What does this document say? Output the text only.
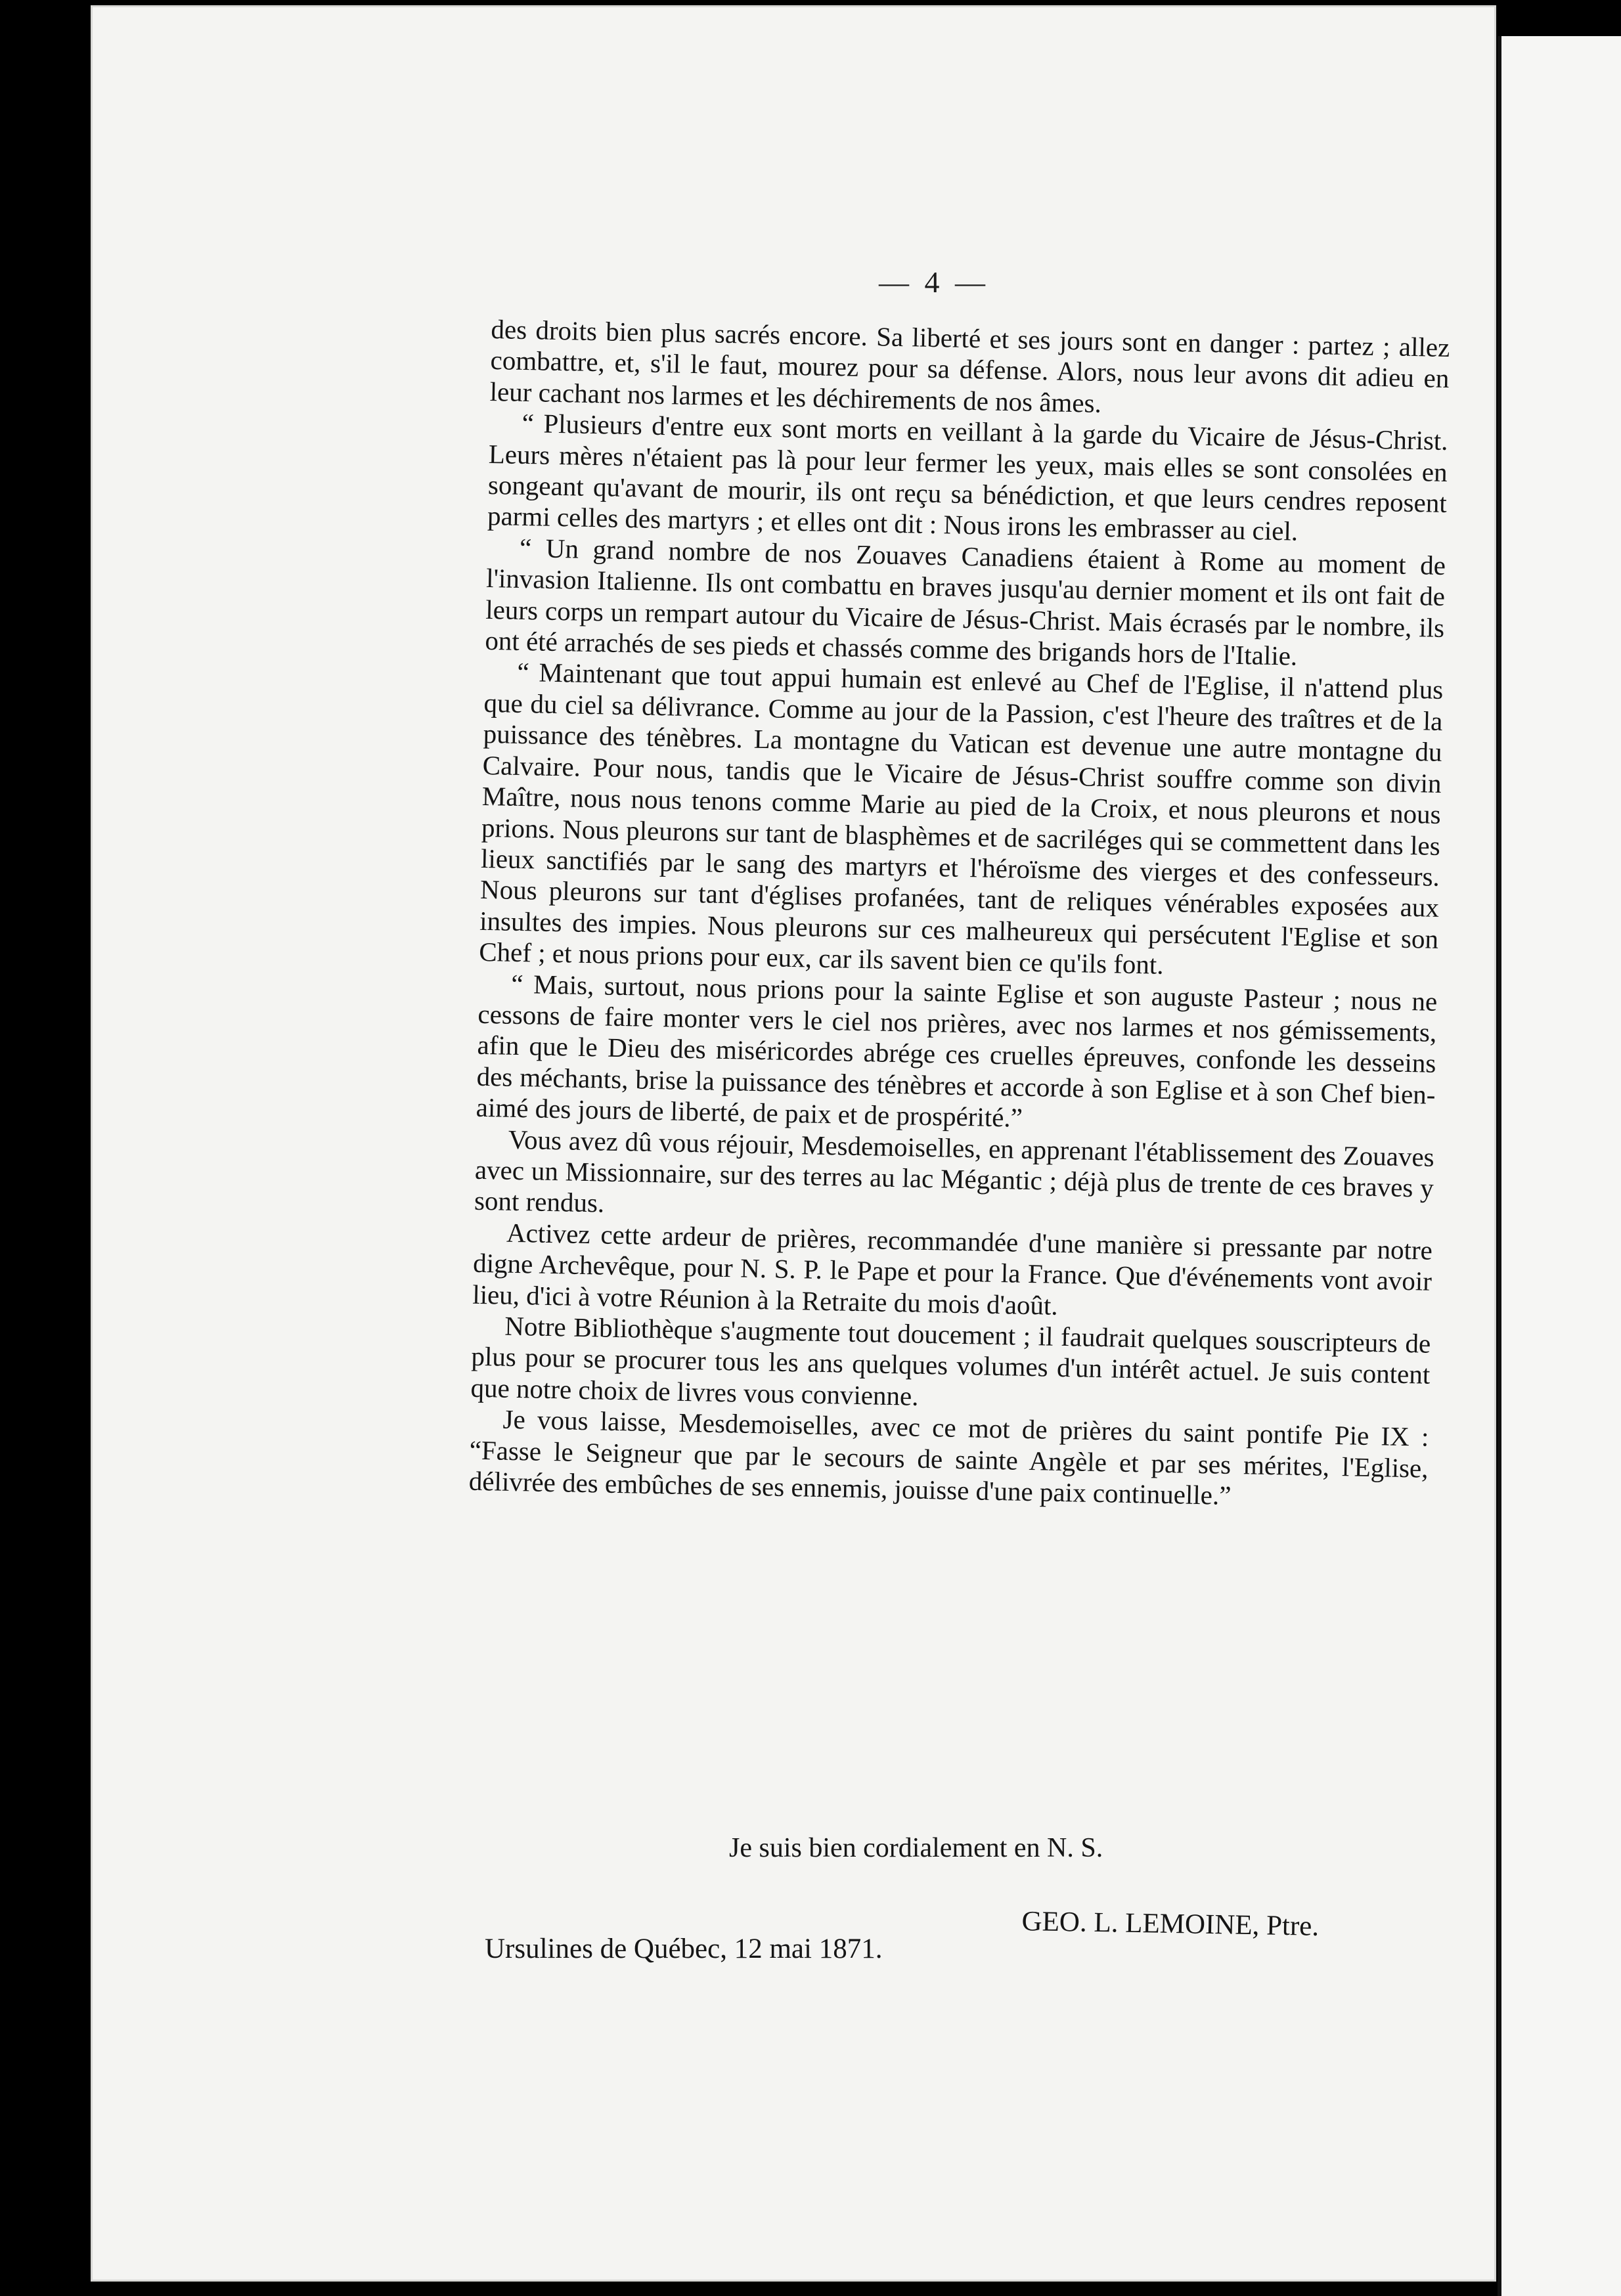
— 4 —

des droits bien plus sacrés encore. Sa liberté et ses jours sont en danger : partez ; allez combattre, et, s'il le faut, mourez pour sa défense. Alors, nous leur avons dit adieu en leur cachant nos larmes et les déchirements de nos âmes.

“ Plusieurs d'entre eux sont morts en veillant à la garde du Vicaire de Jésus-Christ. Leurs mères n'étaient pas là pour leur fermer les yeux, mais elles se sont consolées en songeant qu'avant de mourir, ils ont reçu sa bénédiction, et que leurs cendres reposent parmi celles des martyrs ; et elles ont dit : Nous irons les embrasser au ciel.

“ Un grand nombre de nos Zouaves Canadiens étaient à Rome au moment de l'invasion Italienne. Ils ont combattu en braves jusqu'au dernier moment et ils ont fait de leurs corps un rempart autour du Vicaire de Jésus-Christ. Mais écrasés par le nombre, ils ont été arrachés de ses pieds et chassés comme des brigands hors de l'Italie.

“ Maintenant que tout appui humain est enlevé au Chef de l'Eglise, il n'attend plus que du ciel sa délivrance. Comme au jour de la Passion, c'est l'heure des traîtres et de la puissance des ténèbres. La montagne du Vatican est devenue une autre montagne du Calvaire. Pour nous, tandis que le Vicaire de Jésus-Christ souffre comme son divin Maître, nous nous tenons comme Marie au pied de la Croix, et nous pleurons et nous prions. Nous pleurons sur tant de blasphèmes et de sacriléges qui se commettent dans les lieux sanctifiés par le sang des martyrs et l'héroïsme des vierges et des confesseurs. Nous pleurons sur tant d'églises profanées, tant de reliques vénérables exposées aux insultes des impies. Nous pleurons sur ces malheureux qui persécutent l'Eglise et son Chef ; et nous prions pour eux, car ils savent bien ce qu'ils font.

“ Mais, surtout, nous prions pour la sainte Eglise et son auguste Pasteur ; nous ne cessons de faire monter vers le ciel nos prières, avec nos larmes et nos gémissements, afin que le Dieu des miséricordes abrége ces cruelles épreuves, confonde les desseins des méchants, brise la puissance des ténèbres et accorde à son Eglise et à son Chef bien-aimé des jours de liberté, de paix et de prospérité.”

Vous avez dû vous réjouir, Mesdemoiselles, en apprenant l'établissement des Zouaves avec un Missionnaire, sur des terres au lac Mégantic ; déjà plus de trente de ces braves y sont rendus.

Activez cette ardeur de prières, recommandée d'une manière si pressante par notre digne Archevêque, pour N. S. P. le Pape et pour la France. Que d'événements vont avoir lieu, d'ici à votre Réunion à la Retraite du mois d'août.

Notre Bibliothèque s'augmente tout doucement ; il faudrait quelques souscripteurs de plus pour se procurer tous les ans quelques volumes d'un intérêt actuel. Je suis content que notre choix de livres vous convienne.

Je vous laisse, Mesdemoiselles, avec ce mot de prières du saint pontife Pie IX : “Fasse le Seigneur que par le secours de sainte Angèle et par ses mérites, l'Eglise, délivrée des embûches de ses ennemis, jouisse d'une paix continuelle.”

Je suis bien cordialement en N. S.
GEO. L. LEMOINE, Ptre.
Ursulines de Québec, 12 mai 1871.
